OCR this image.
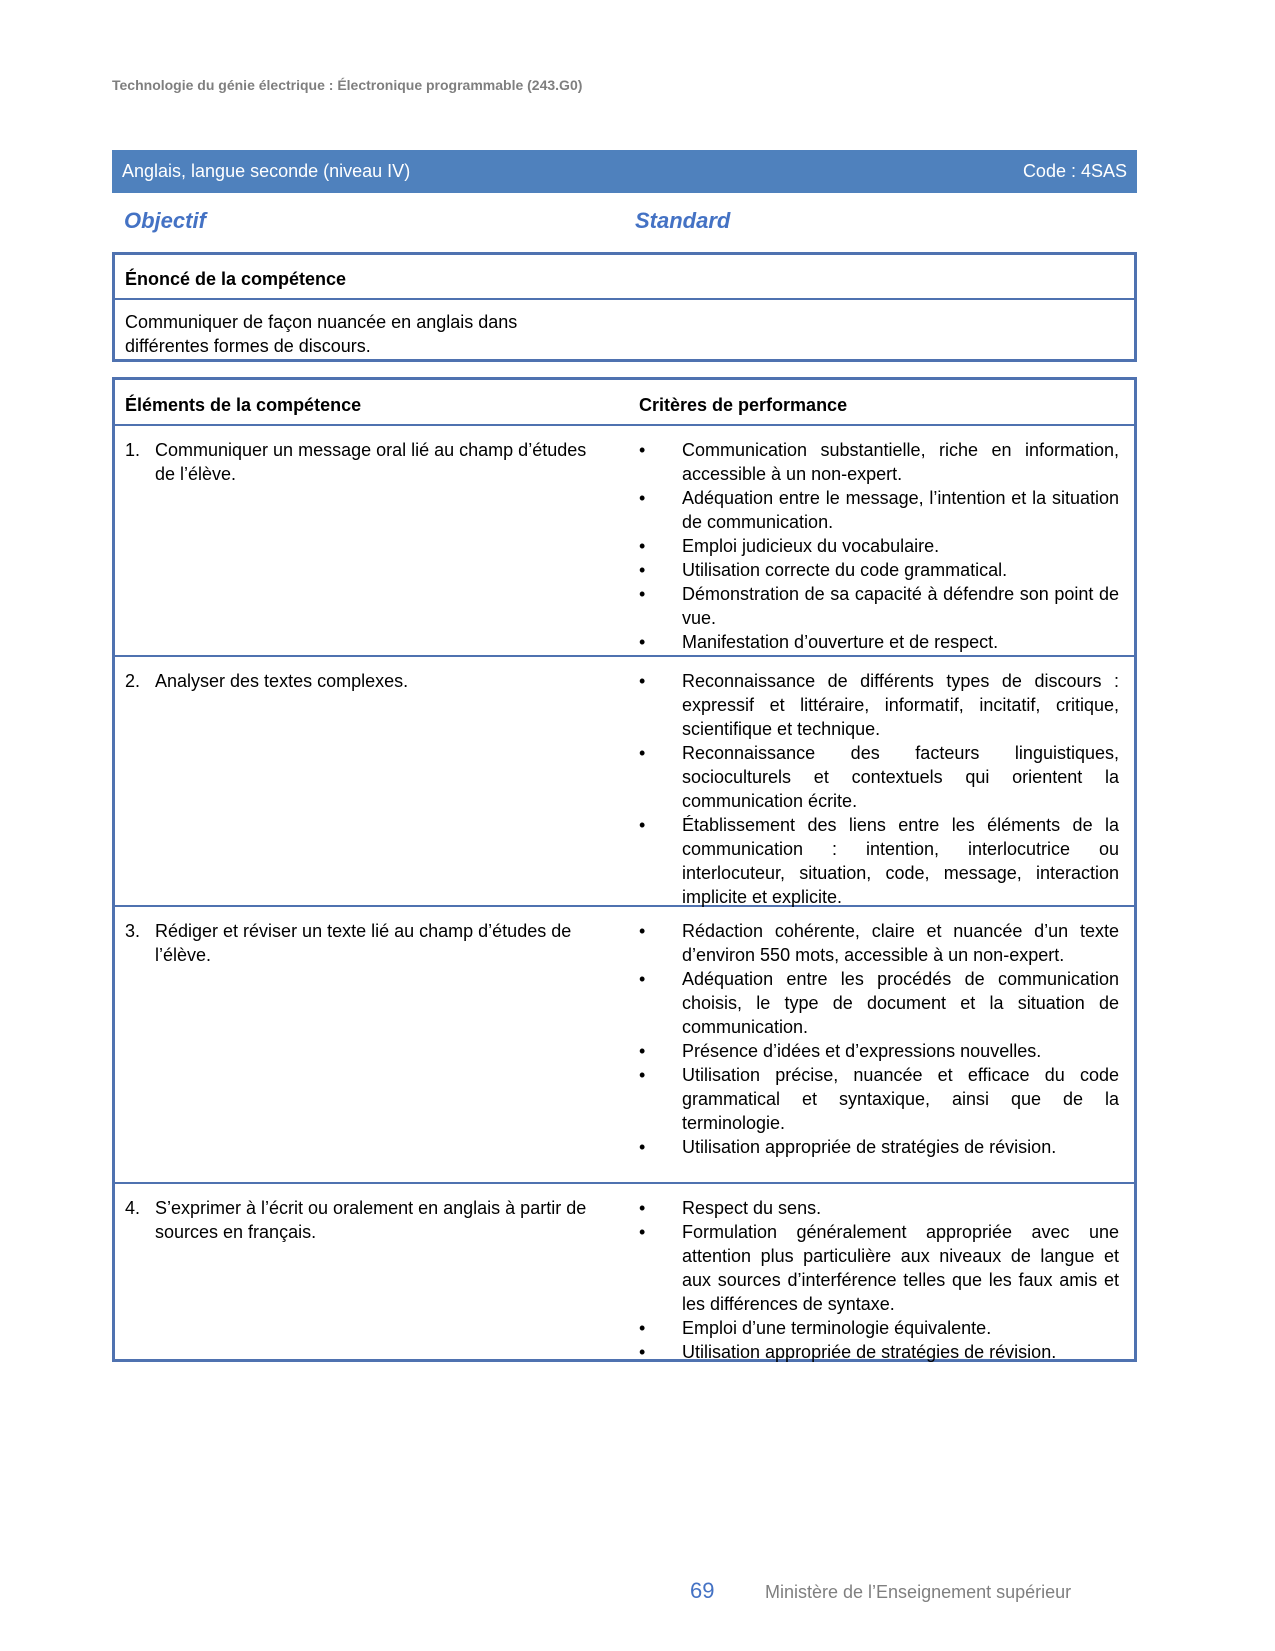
Technologie du génie électrique : Électronique programmable (243.G0)
Anglais, langue seconde (niveau IV)	Code : 4SAS
Objectif	Standard
Énoncé de la compétence
Communiquer de façon nuancée en anglais dans différentes formes de discours.
Éléments de la compétence	Critères de performance
1. Communiquer un message oral lié au champ d’études de l’élève.
• Communication substantielle, riche en information, accessible à un non-expert.
• Adéquation entre le message, l’intention et la situation de communication.
• Emploi judicieux du vocabulaire.
• Utilisation correcte du code grammatical.
• Démonstration de sa capacité à défendre son point de vue.
• Manifestation d’ouverture et de respect.
2. Analyser des textes complexes.
•	Reconnaissance de différents types de discours : expressif et littéraire, informatif, incitatif, critique, scientifique et technique.
• Reconnaissance des facteurs linguistiques, socioculturels et contextuels qui orientent la communication écrite.
• Établissement des liens entre les éléments de la communication : intention, interlocutrice ou interlocuteur, situation, code, message, interaction implicite et explicite.
3. Rédiger et réviser un texte lié au champ d’études de l’élève.
• Rédaction cohérente, claire et nuancée d’un texte d’environ 550 mots, accessible à un non-expert.
• Adéquation entre les procédés de communication choisis, le type de document et la situation de communication.
• Présence d’idées et d’expressions nouvelles.
• Utilisation précise, nuancée et efficace du code grammatical et syntaxique, ainsi que de la terminologie.
• Utilisation appropriée de stratégies de révision.
4. S’exprimer à l’écrit ou oralement en anglais à partir de sources en français.
• Respect du sens.
• Formulation généralement appropriée avec une attention plus particulière aux niveaux de langue et aux sources d’interférence telles que les faux amis et les différences de syntaxe.
• Emploi d’une terminologie équivalente.
• Utilisation appropriée de stratégies de révision.
69	Ministère de l’Enseignement supérieur
